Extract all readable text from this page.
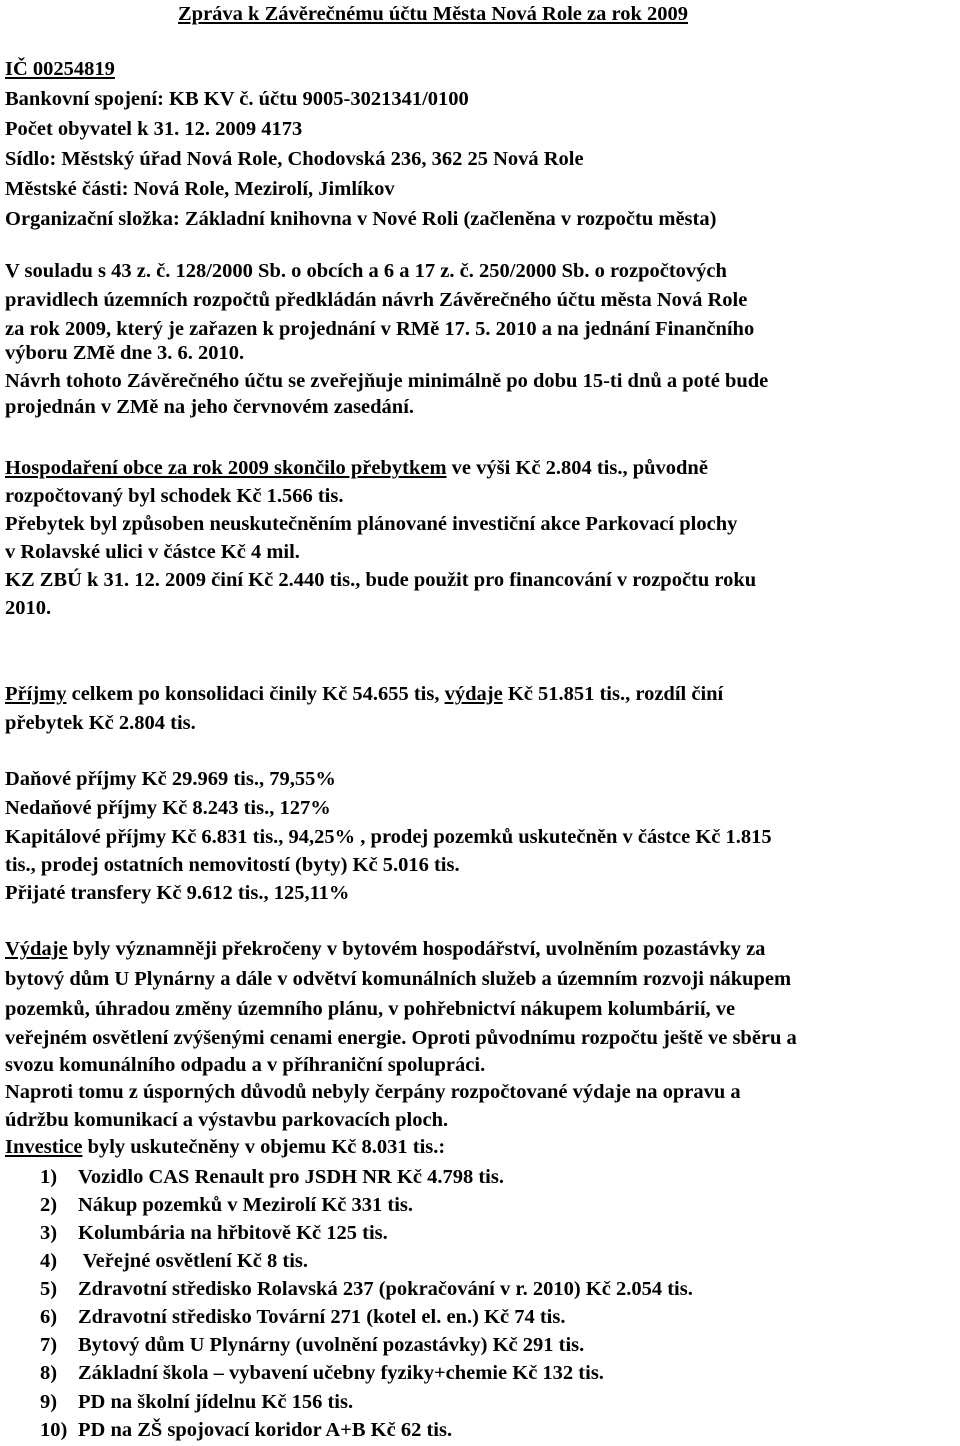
Zpráva k Závěrečnému účtu Města Nová Role za rok 2009
IČ 00254819
Bankovní spojení: KB KV č. účtu 9005-3021341/0100
Počet obyvatel k 31. 12. 2009 4173
Sídlo: Městský úřad Nová Role, Chodovská 236, 362 25 Nová Role
Městské části: Nová Role, Mezirolí, Jimlíkov
Organizační složka: Základní knihovna v Nové Roli (začleněna v rozpočtu města)
V souladu s 43 z. č. 128/2000 Sb. o obcích a 6 a 17 z. č. 250/2000 Sb. o rozpočtových
pravidlech územních rozpočtů předkládán návrh Závěrečného účtu města Nová Role
za rok 2009, který je zařazen k projednání v RMě 17. 5. 2010 a na jednání Finančního
výboru ZMě dne 3. 6. 2010.
Návrh tohoto Závěrečného účtu se zveřejňuje minimálně po dobu 15-ti dnů a poté bude
projednán v ZMě na jeho červnovém zasedání.
Hospodaření obce za rok 2009 skončilo přebytkem ve výši Kč 2.804 tis., původně
rozpočtovaný byl schodek Kč 1.566 tis.
Přebytek byl způsoben neuskutečněním plánované investiční akce Parkovací plochy
v Rolavské ulici v částce Kč 4 mil.
KZ ZBÚ k 31. 12. 2009 činí Kč 2.440 tis., bude použit pro financování v rozpočtu roku
2010.
Příjmy celkem po konsolidaci činily Kč 54.655 tis, výdaje Kč 51.851 tis., rozdíl činí
přebytek Kč 2.804 tis.
Daňové příjmy Kč 29.969 tis., 79,55%
Nedaňové příjmy Kč 8.243 tis., 127%
Kapitálové příjmy Kč 6.831 tis., 94,25% , prodej pozemků uskutečněn v částce Kč 1.815
tis., prodej ostatních nemovitostí (byty) Kč 5.016 tis.
Přijaté transfery Kč 9.612 tis., 125,11%
Výdaje byly významněji překročeny v bytovém hospodářství, uvolněním pozastávky za
bytový dům U Plynárny a dále v odvětví komunálních služeb a územním rozvoji nákupem
pozemků, úhradou změny územního plánu, v pohřebnictví nákupem kolumbárií, ve
veřejném osvětlení zvýšenými cenami energie. Oproti původnímu rozpočtu ještě ve sběru a
svozu komunálního odpadu a v příhraniční spolupráci.
Naproti tomu z úsporných důvodů nebyly čerpány rozpočtované výdaje na opravu a
údržbu komunikací a výstavbu parkovacích ploch.
Investice byly uskutečněny v objemu Kč 8.031 tis.:
1) Vozidlo CAS Renault pro JSDH NR Kč 4.798 tis.
2) Nákup pozemků v Mezirolí Kč 331 tis.
3) Kolumbária na hřbitově Kč 125 tis.
4) Veřejné osvětlení Kč 8 tis.
5) Zdravotní středisko Rolavská 237 (pokračování v r. 2010) Kč 2.054 tis.
6) Zdravotní středisko Tovární 271 (kotel el. en.) Kč 74 tis.
7) Bytový dům U Plynárny (uvolnění pozastávky) Kč 291 tis.
8) Základní škola – vybavení učebny fyziky+chemie Kč 132 tis.
9) PD na školní jídelnu Kč 156 tis.
10) PD na ZŠ spojovací koridor A+B Kč 62 tis.
